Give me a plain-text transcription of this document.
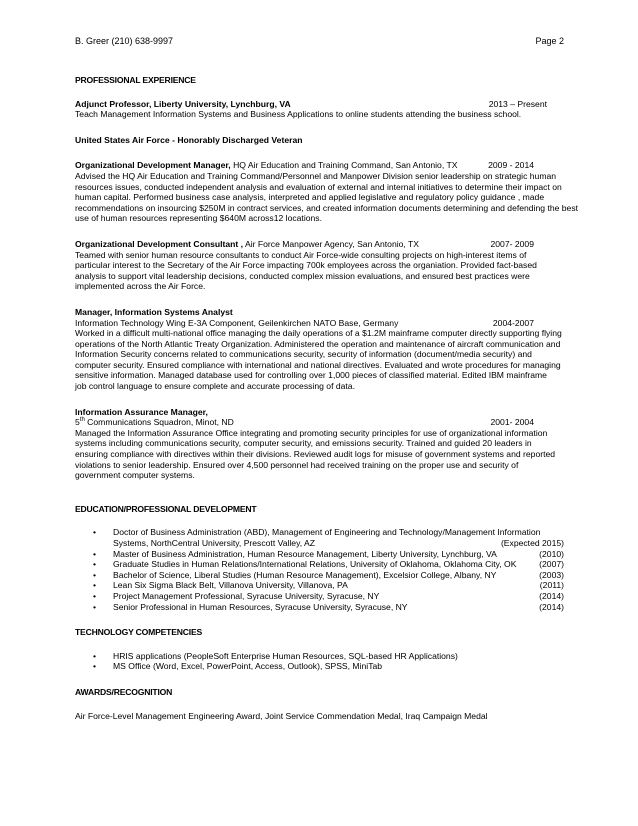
B. Greer (210) 638-9997	Page 2
PROFESSIONAL EXPERIENCE
Adjunct Professor, Liberty University, Lynchburg, VA	2013 – Present
Teach Management Information Systems and Business Applications to online students attending the business school.
United States Air Force - Honorably Discharged Veteran
Organizational Development Manager, HQ Air Education and Training Command, San Antonio, TX	2009 - 2014
Advised the HQ Air Education and Training Command/Personnel and Manpower Division senior leadership on strategic human
resources issues, conducted independent analysis and evaluation of external and internal initiatives to determine their impact on
human capital. Performed business case analysis, interpreted and applied legislative and regulatory policy guidance , made
recommendations on insourcing $250M in contract services, and created information documents determining and defending the best
use of human resources representing $640M across12 locations.
Organizational Development Consultant , Air Force Manpower Agency, San Antonio, TX	2007- 2009
Teamed with senior human resource consultants to conduct Air Force-wide consulting projects on high-interest items of
particular interest to the Secretary of the Air Force impacting 700k employees across the organiation. Provided fact-based
analysis to support vital leadership decisions, conducted complex mission evaluations, and ensured best practices were
implemented across the Air Force.
Manager, Information Systems Analyst
Information Technology Wing E-3A Component, Geilenkirchen NATO Base, Germany	2004-2007
Worked in a difficult multi-national office managing the daily operations of a $1.2M mainframe computer directly supporting flying
operations of the North Atlantic Treaty Organization. Administered the operation and maintenance of aircraft communication and
Information Security concerns related to communications security, security of information (document/media security) and
computer security. Ensured compliance with international and national directives. Evaluated and wrote procedures for managing
sensitive information. Managed database used for controlling over 1,000 pieces of classified material. Edited IBM mainframe
job control language to ensure complete and accurate processing of data.
Information Assurance Manager,
5th Communications Squadron, Minot, ND	2001- 2004
Managed the Information Assurance Office integrating and promoting security principles for use of organizational information
systems including communications security, computer security, and emissions security. Trained and guided 20 leaders in
ensuring compliance with directives within their divisions. Reviewed audit logs for misuse of government systems and reported
violations to senior leadership. Ensured over 4,500 personnel had received training on the proper use and security of
government computer systems.
EDUCATION/PROFESSIONAL DEVELOPMENT
• Doctor of Business Administration (ABD), Management of Engineering and Technology/Management Information
Systems, NorthCentral University, Prescott Valley, AZ	(Expected 2015)
• Master of Business Administration, Human Resource Management, Liberty University, Lynchburg, VA	(2010)
• Graduate Studies in Human Relations/International Relations, University of Oklahoma, Oklahoma City, OK	(2007)
• Bachelor of Science, Liberal Studies (Human Resource Management), Excelsior College, Albany, NY	(2003)
• Lean Six Sigma Black Belt, Villanova University, Villanova, PA	(2011)
• Project Management Professional, Syracuse University, Syracuse, NY	(2014)
• Senior Professional in Human Resources, Syracuse University, Syracuse, NY	(2014)
TECHNOLOGY COMPETENCIES
• HRIS applications (PeopleSoft Enterprise Human Resources, SQL-based HR Applications)
• MS Office (Word, Excel, PowerPoint, Access, Outlook), SPSS, MiniTab
AWARDS/RECOGNITION
Air Force-Level Management Engineering Award, Joint Service Commendation Medal, Iraq Campaign Medal
